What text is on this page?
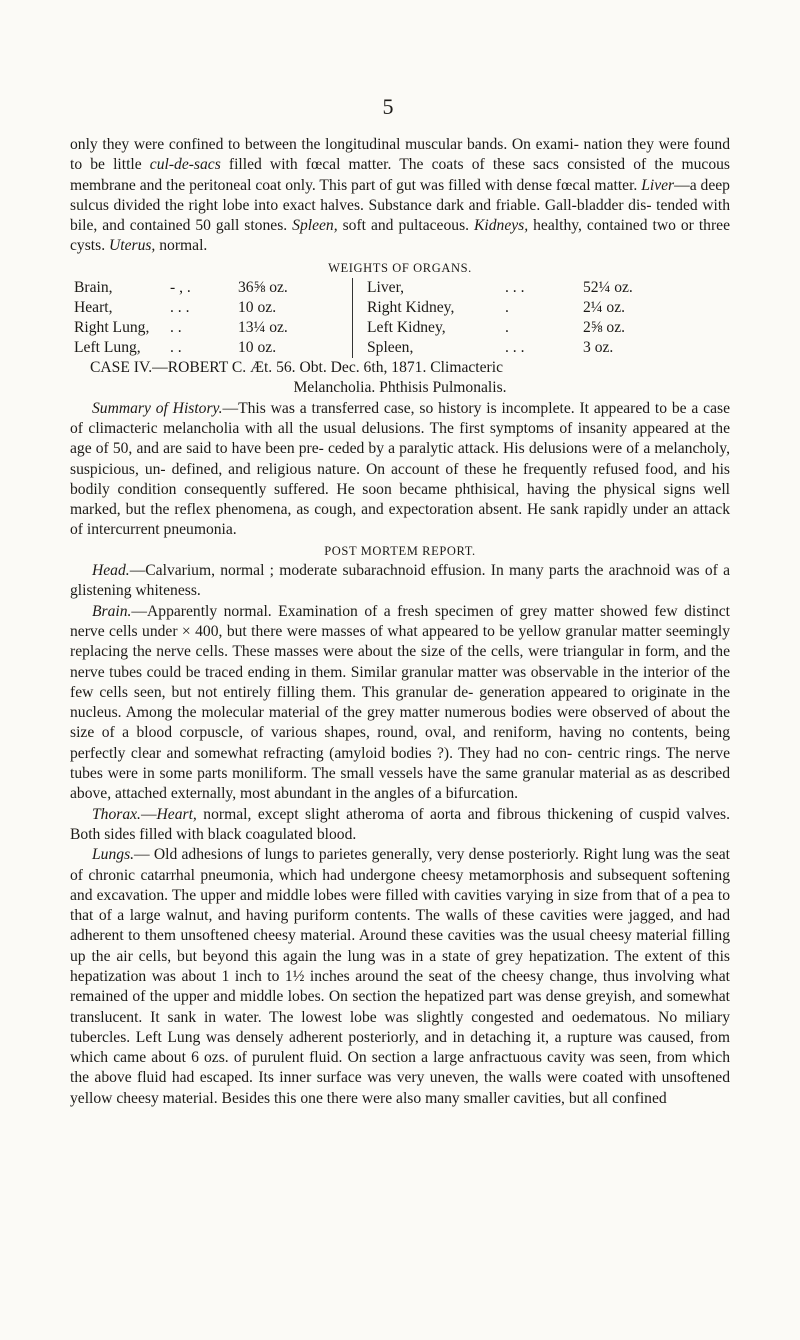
5

only they were confined to between the longitudinal muscular bands. On exami- nation they were found to be little cul-de-sacs filled with fœcal matter. The coats of these sacs consisted of the mucous membrane and the peritoneal coat only. This part of gut was filled with dense fœcal matter. Liver—a deep sulcus divided the right lobe into exact halves. Substance dark and friable. Gall-bladder dis- tended with bile, and contained 50 gall stones. Spleen, soft and pultaceous. Kidneys, healthy, contained two or three cysts. Uterus, normal.

WEIGHTS OF ORGANS.

Brain,	- , .	36⅝ oz.	Liver,	. . .	52¼ oz.
Heart,	. . .	10 oz.	Right Kidney,	.	2¼ oz.
Right Lung,	. .	13¼ oz.	Left Kidney,	.	2⅝ oz.
Left Lung,	. .	10 oz.	Spleen,	. . .	3 oz.

CASE IV.—ROBERT C. Æt. 56. Obt. Dec. 6th, 1871. Climacteric

Melancholia. Phthisis Pulmonalis.

Summary of History.—This was a transferred case, so history is incomplete. It appeared to be a case of climacteric melancholia with all the usual delusions. The first symptoms of insanity appeared at the age of 50, and are said to have been pre- ceded by a paralytic attack. His delusions were of a melancholy, suspicious, un- defined, and religious nature. On account of these he frequently refused food, and his bodily condition consequently suffered. He soon became phthisical, having the physical signs well marked, but the reflex phenomena, as cough, and expectoration absent. He sank rapidly under an attack of intercurrent pneumonia.

POST MORTEM REPORT.

Head.—Calvarium, normal ; moderate subarachnoid effusion. In many parts the arachnoid was of a glistening whiteness.

Brain.—Apparently normal. Examination of a fresh specimen of grey matter showed few distinct nerve cells under × 400, but there were masses of what appeared to be yellow granular matter seemingly replacing the nerve cells. These masses were about the size of the cells, were triangular in form, and the nerve tubes could be traced ending in them. Similar granular matter was observable in the interior of the few cells seen, but not entirely filling them. This granular de- generation appeared to originate in the nucleus. Among the molecular material of the grey matter numerous bodies were observed of about the size of a blood corpuscle, of various shapes, round, oval, and reniform, having no contents, being perfectly clear and somewhat refracting (amyloid bodies ?). They had no con- centric rings. The nerve tubes were in some parts moniliform. The small vessels have the same granular material as as described above, attached externally, most abundant in the angles of a bifurcation.

Thorax.—Heart, normal, except slight atheroma of aorta and fibrous thickening of cuspid valves. Both sides filled with black coagulated blood.

Lungs.— Old adhesions of lungs to parietes generally, very dense posteriorly. Right lung was the seat of chronic catarrhal pneumonia, which had undergone cheesy metamorphosis and subsequent softening and excavation. The upper and middle lobes were filled with cavities varying in size from that of a pea to that of a large walnut, and having puriform contents. The walls of these cavities were jagged, and had adherent to them unsoftened cheesy material. Around these cavities was the usual cheesy material filling up the air cells, but beyond this again the lung was in a state of grey hepatization. The extent of this hepatization was about 1 inch to 1½ inches around the seat of the cheesy change, thus involving what remained of the upper and middle lobes. On section the hepatized part was dense greyish, and somewhat translucent. It sank in water. The lowest lobe was slightly congested and oedematous. No miliary tubercles. Left Lung was densely adherent posteriorly, and in detaching it, a rupture was caused, from which came about 6 ozs. of purulent fluid. On section a large anfractuous cavity was seen, from which the above fluid had escaped. Its inner surface was very uneven, the walls were coated with unsoftened yellow cheesy material. Besides this one there were also many smaller cavities, but all confined
